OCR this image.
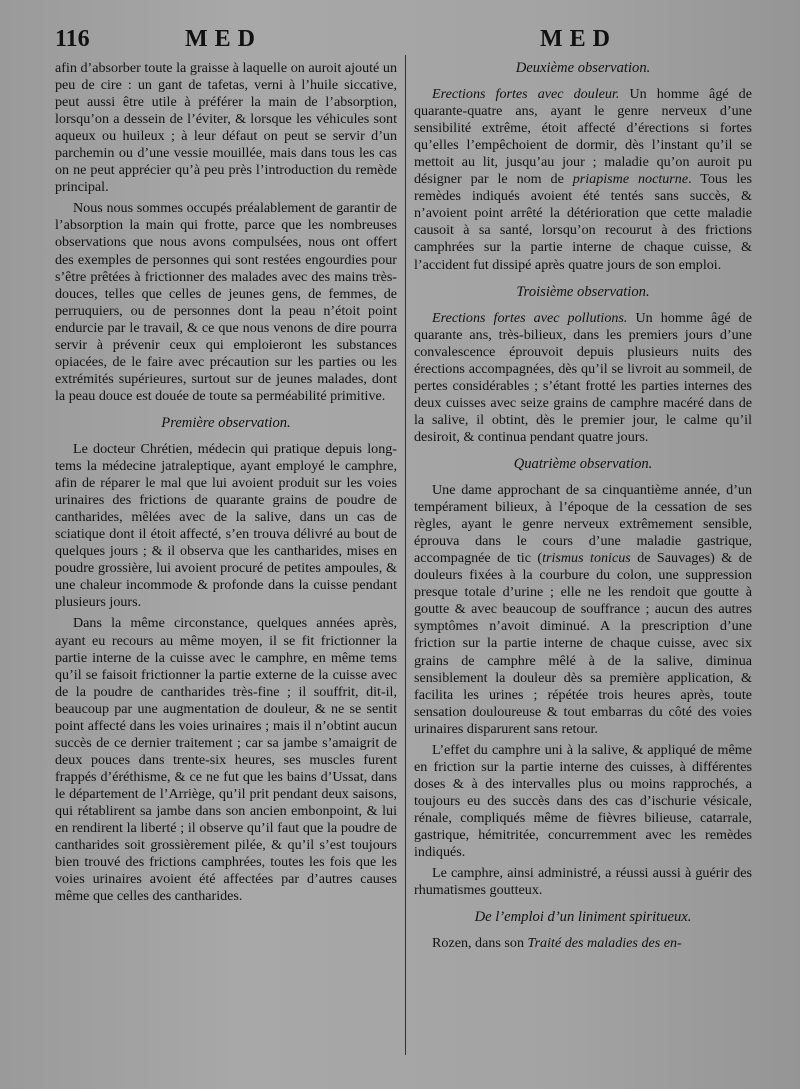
116	MED	MED

afin d’absorber toute la graisse à laquelle on auroit ajouté un peu de cire : un gant de tafetas, verni à l’huile siccative, peut aussi être utile à préférer la main de l’absorption, lorsqu’on a dessein de l’éviter, & lorsque les véhicules sont aqueux ou huileux ; à leur défaut on peut se servir d’un parchemin ou d’une vessie mouillée, mais dans tous les cas on ne peut apprécier qu’à peu près l’introduction du remède principal.

Nous nous sommes occupés préalablement de garantir de l’absorption la main qui frotte, parce que les nombreuses observations que nous avons compulsées, nous ont offert des exemples de personnes qui sont restées engourdies pour s’être prêtées à frictionner des malades avec des mains très-douces, telles que celles de jeunes gens, de femmes, de perruquiers, ou de personnes dont la peau n’étoit point endurcie par le travail, & ce que nous venons de dire pourra servir à prévenir ceux qui emploieront les substances opiacées, de le faire avec précaution sur les parties ou les extrémités supérieures, surtout sur de jeunes malades, dont la peau douce est douée de toute sa perméabilité primitive.

Première observation.

Le docteur Chrétien, médecin qui pratique depuis long-tems la médecine jatraleptique, ayant employé le camphre, afin de réparer le mal que lui avoient produit sur les voies urinaires des frictions de quarante grains de poudre de cantharides, mêlées avec de la salive, dans un cas de sciatique dont il étoit affecté, s’en trouva délivré au bout de quelques jours ; & il observa que les cantharides, mises en poudre grossière, lui avoient procuré de petites ampoules, & une chaleur incommode & profonde dans la cuisse pendant plusieurs jours.

Dans la même circonstance, quelques années après, ayant eu recours au même moyen, il se fit frictionner la partie interne de la cuisse avec le camphre, en même tems qu’il se faisoit frictionner la partie externe de la cuisse avec de la poudre de cantharides très-fine ; il souffrit, dit-il, beaucoup par une augmentation de douleur, & ne se sentit point affecté dans les voies urinaires ; mais il n’obtint aucun succès de ce dernier traitement ; car sa jambe s’amaigrit de deux pouces dans trente-six heures, ses muscles furent frappés d’éréthisme, & ce ne fut que les bains d’Ussat, dans le département de l’Arriège, qu’il prit pendant deux saisons, qui rétablirent sa jambe dans son ancien embonpoint, & lui en rendirent la liberté ; il observe qu’il faut que la poudre de cantharides soit grossièrement pilée, & qu’il s’est toujours bien trouvé des frictions camphrées, toutes les fois que les voies urinaires avoient été affectées par d’autres causes même que celles des cantharides.

Deuxième observation.

Erections fortes avec douleur. Un homme âgé de quarante-quatre ans, ayant le genre nerveux d’une sensibilité extrême, étoit affecté d’érections si fortes qu’elles l’empêchoient de dormir, dès l’instant qu’il se mettoit au lit, jusqu’au jour ; maladie qu’on auroit pu désigner par le nom de priapisme nocturne. Tous les remèdes indiqués avoient été tentés sans succès, & n’avoient point arrêté la détérioration que cette maladie causoit à sa santé, lorsqu’on recourut à des frictions camphrées sur la partie interne de chaque cuisse, & l’accident fut dissipé après quatre jours de son emploi.

Troisième observation.

Erections fortes avec pollutions. Un homme âgé de quarante ans, très-bilieux, dans les premiers jours d’une convalescence éprouvoit depuis plusieurs nuits des érections accompagnées, dès qu’il se livroit au sommeil, de pertes considérables ; s’étant frotté les parties internes des deux cuisses avec seize grains de camphre macéré dans de la salive, il obtint, dès le premier jour, le calme qu’il desiroit, & continua pendant quatre jours.

Quatrième observation.

Une dame approchant de sa cinquantième année, d’un tempérament bilieux, à l’époque de la cessation de ses règles, ayant le genre nerveux extrêmement sensible, éprouva dans le cours d’une maladie gastrique, accompagnée de tic (trismus tonicus de Sauvages) & de douleurs fixées à la courbure du colon, une suppression presque totale d’urine ; elle ne les rendoit que goutte à goutte & avec beaucoup de souffrance ; aucun des autres symptômes n’avoit diminué. A la prescription d’une friction sur la partie interne de chaque cuisse, avec six grains de camphre mêlé à de la salive, diminua sensiblement la douleur dès sa première application, & facilita les urines ; répétée trois heures après, toute sensation douloureuse & tout embarras du côté des voies urinaires disparurent sans retour.

L’effet du camphre uni à la salive, & appliqué de même en friction sur la partie interne des cuisses, à différentes doses & à des intervalles plus ou moins rapprochés, a toujours eu des succès dans des cas d’ischurie vésicale, rénale, compliqués même de fièvres bilieuse, catarrale, gastrique, hémitritée, concurremment avec les remèdes indiqués.

Le camphre, ainsi administré, a réussi aussi à guérir des rhumatismes goutteux.

De l’emploi d’un liniment spiritueux.

Rozen, dans son Traité des maladies des en-
